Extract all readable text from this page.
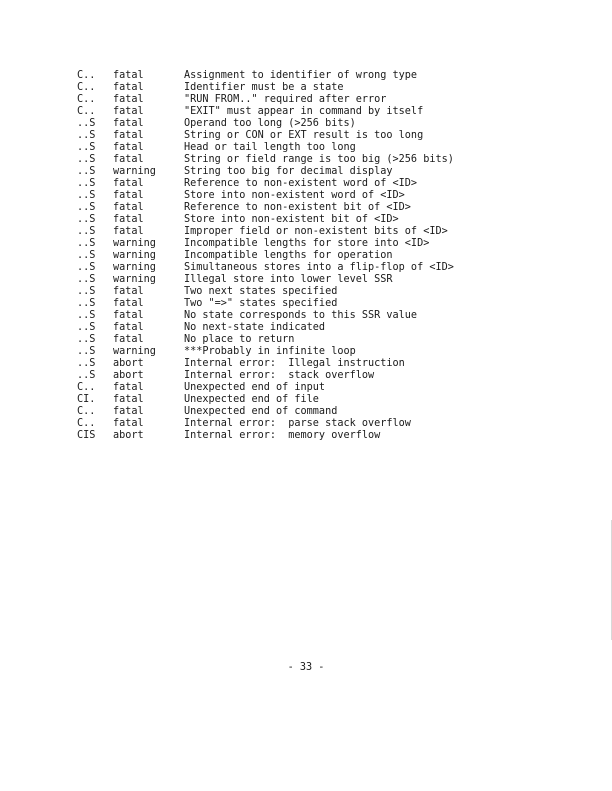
C..	fatal	Assignment to identifier of wrong type
C..	fatal	Identifier must be a state
C..	fatal	"RUN FROM.." required after error
C..	fatal	"EXIT" must appear in command by itself
..S	fatal	Operand too long (>256 bits)
..S	fatal	String or CON or EXT result is too long
..S	fatal	Head or tail length too long
..S	fatal	String or field range is too big (>256 bits)
..S	warning	String too big for decimal display
..S	fatal	Reference to non-existent word of <ID>
..S	fatal	Store into non-existent word of <ID>
..S	fatal	Reference to non-existent bit of <ID>
..S	fatal	Store into non-existent bit of <ID>
..S	fatal	Improper field or non-existent bits of <ID>
..S	warning	Incompatible lengths for store into <ID>
..S	warning	Incompatible lengths for operation
..S	warning	Simultaneous stores into a flip-flop of <ID>
..S	warning	Illegal store into lower level SSR
..S	fatal	Two next states specified
..S	fatal	Two "=>" states specified
..S	fatal	No state corresponds to this SSR value
..S	fatal	No next-state indicated
..S	fatal	No place to return
..S	warning	***Probably in infinite loop
..S	abort	Internal error:  Illegal instruction
..S	abort	Internal error:  stack overflow
C..	fatal	Unexpected end of input
CI.	fatal	Unexpected end of file
C..	fatal	Unexpected end of command
C..	fatal	Internal error:  parse stack overflow
CIS	abort	Internal error:  memory overflow
- 33 -
